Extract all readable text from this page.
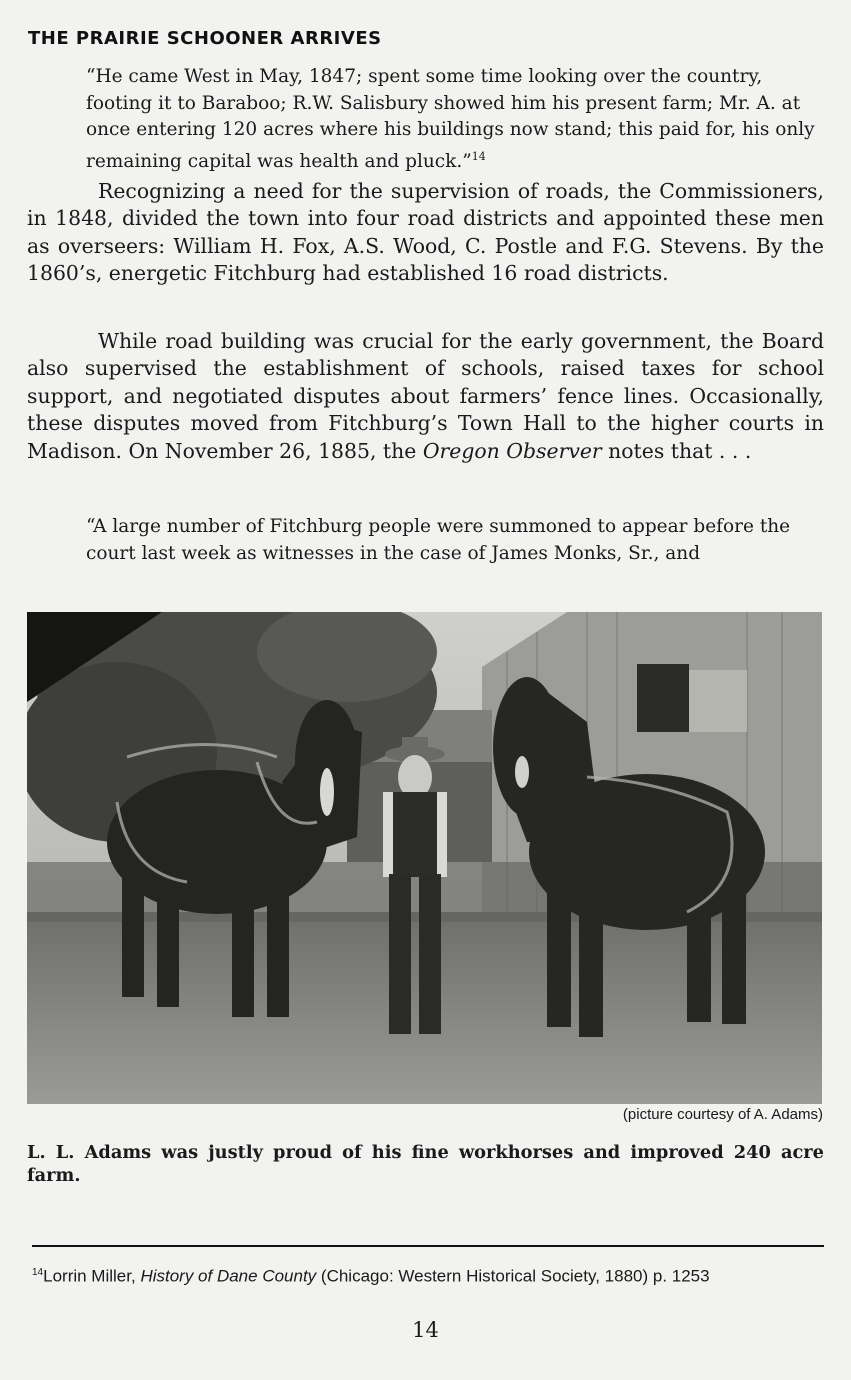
THE PRAIRIE SCHOONER ARRIVES

“He came West in May, 1847; spent some time looking over the country, footing it to Baraboo; R.W. Salisbury showed him his present farm; Mr. A. at once entering 120 acres where his buildings now stand; this paid for, his only remaining capital was health and pluck.”$^{14}$

Recognizing a need for the supervision of roads, the Commissioners, in 1848, divided the town into four road districts and appointed these men as overseers: William H. Fox, A.S. Wood, C. Postle and F.G. Stevens. By the 1860’s, energetic Fitchburg had established 16 road districts.

While road building was crucial for the early government, the Board also supervised the establishment of schools, raised taxes for school support, and negotiated disputes about farmers’ fence lines. Occasionally, these disputes moved from Fitchburg’s Town Hall to the higher courts in Madison. On November 26, 1885, the Oregon Observer notes that . . .

“A large number of Fitchburg people were summoned to appear before the court last week as witnesses in the case of James Monks, Sr., and

(picture courtesy of A. Adams)

L. L. Adams was justly proud of his fine workhorses and improved 240 acre farm.

$^{14}$Lorrin Miller, History of Dane County (Chicago: Western Historical Society, 1880) p. 1253

14
